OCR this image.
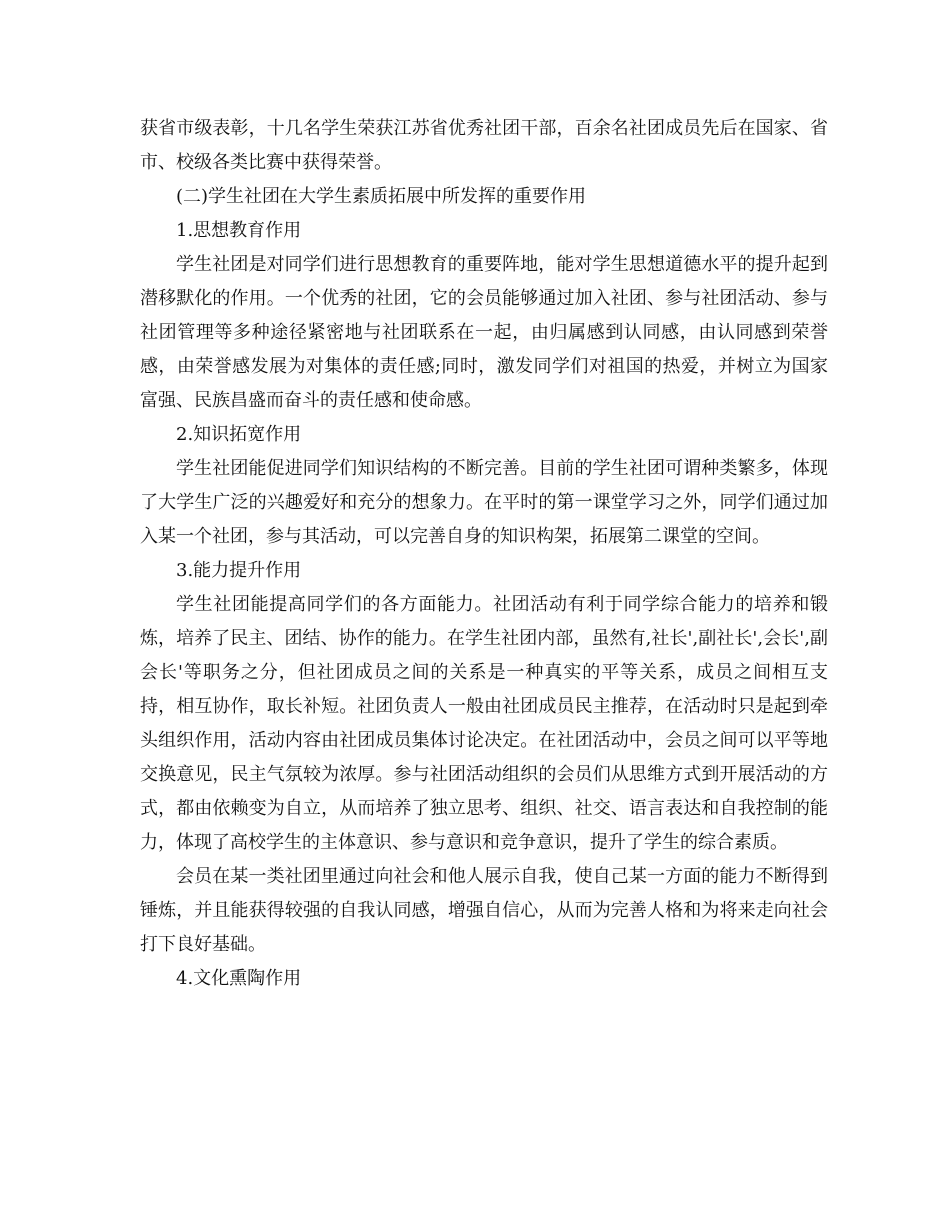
获省市级表彰，十几名学生荣获江苏省优秀社团干部，百余名社团成员先后在国家、省市、校级各类比赛中获得荣誉。

(二)学生社团在大学生素质拓展中所发挥的重要作用

1.思想教育作用

学生社团是对同学们进行思想教育的重要阵地，能对学生思想道德水平的提升起到潜移默化的作用。一个优秀的社团，它的会员能够通过加入社团、参与社团活动、参与社团管理等多种途径紧密地与社团联系在一起，由归属感到认同感，由认同感到荣誉感，由荣誉感发展为对集体的责任感;同时，激发同学们对祖国的热爱，并树立为国家富强、民族昌盛而奋斗的责任感和使命感。

2.知识拓宽作用

学生社团能促进同学们知识结构的不断完善。目前的学生社团可谓种类繁多，体现了大学生广泛的兴趣爱好和充分的想象力。在平时的第一课堂学习之外，同学们通过加入某一个社团，参与其活动，可以完善自身的知识构架，拓展第二课堂的空间。

3.能力提升作用

学生社团能提高同学们的各方面能力。社团活动有利于同学综合能力的培养和锻炼，培养了民主、团结、协作的能力。在学生社团内部，虽然有,社长',副社长',会长',副会长'等职务之分，但社团成员之间的关系是一种真实的平等关系，成员之间相互支持，相互协作，取长补短。社团负责人一般由社团成员民主推荐，在活动时只是起到牵头组织作用，活动内容由社团成员集体讨论决定。在社团活动中，会员之间可以平等地交换意见，民主气氛较为浓厚。参与社团活动组织的会员们从思维方式到开展活动的方式，都由依赖变为自立，从而培养了独立思考、组织、社交、语言表达和自我控制的能力，体现了高校学生的主体意识、参与意识和竞争意识，提升了学生的综合素质。

会员在某一类社团里通过向社会和他人展示自我，使自己某一方面的能力不断得到锤炼，并且能获得较强的自我认同感，增强自信心，从而为完善人格和为将来走向社会打下良好基础。

4.文化熏陶作用
